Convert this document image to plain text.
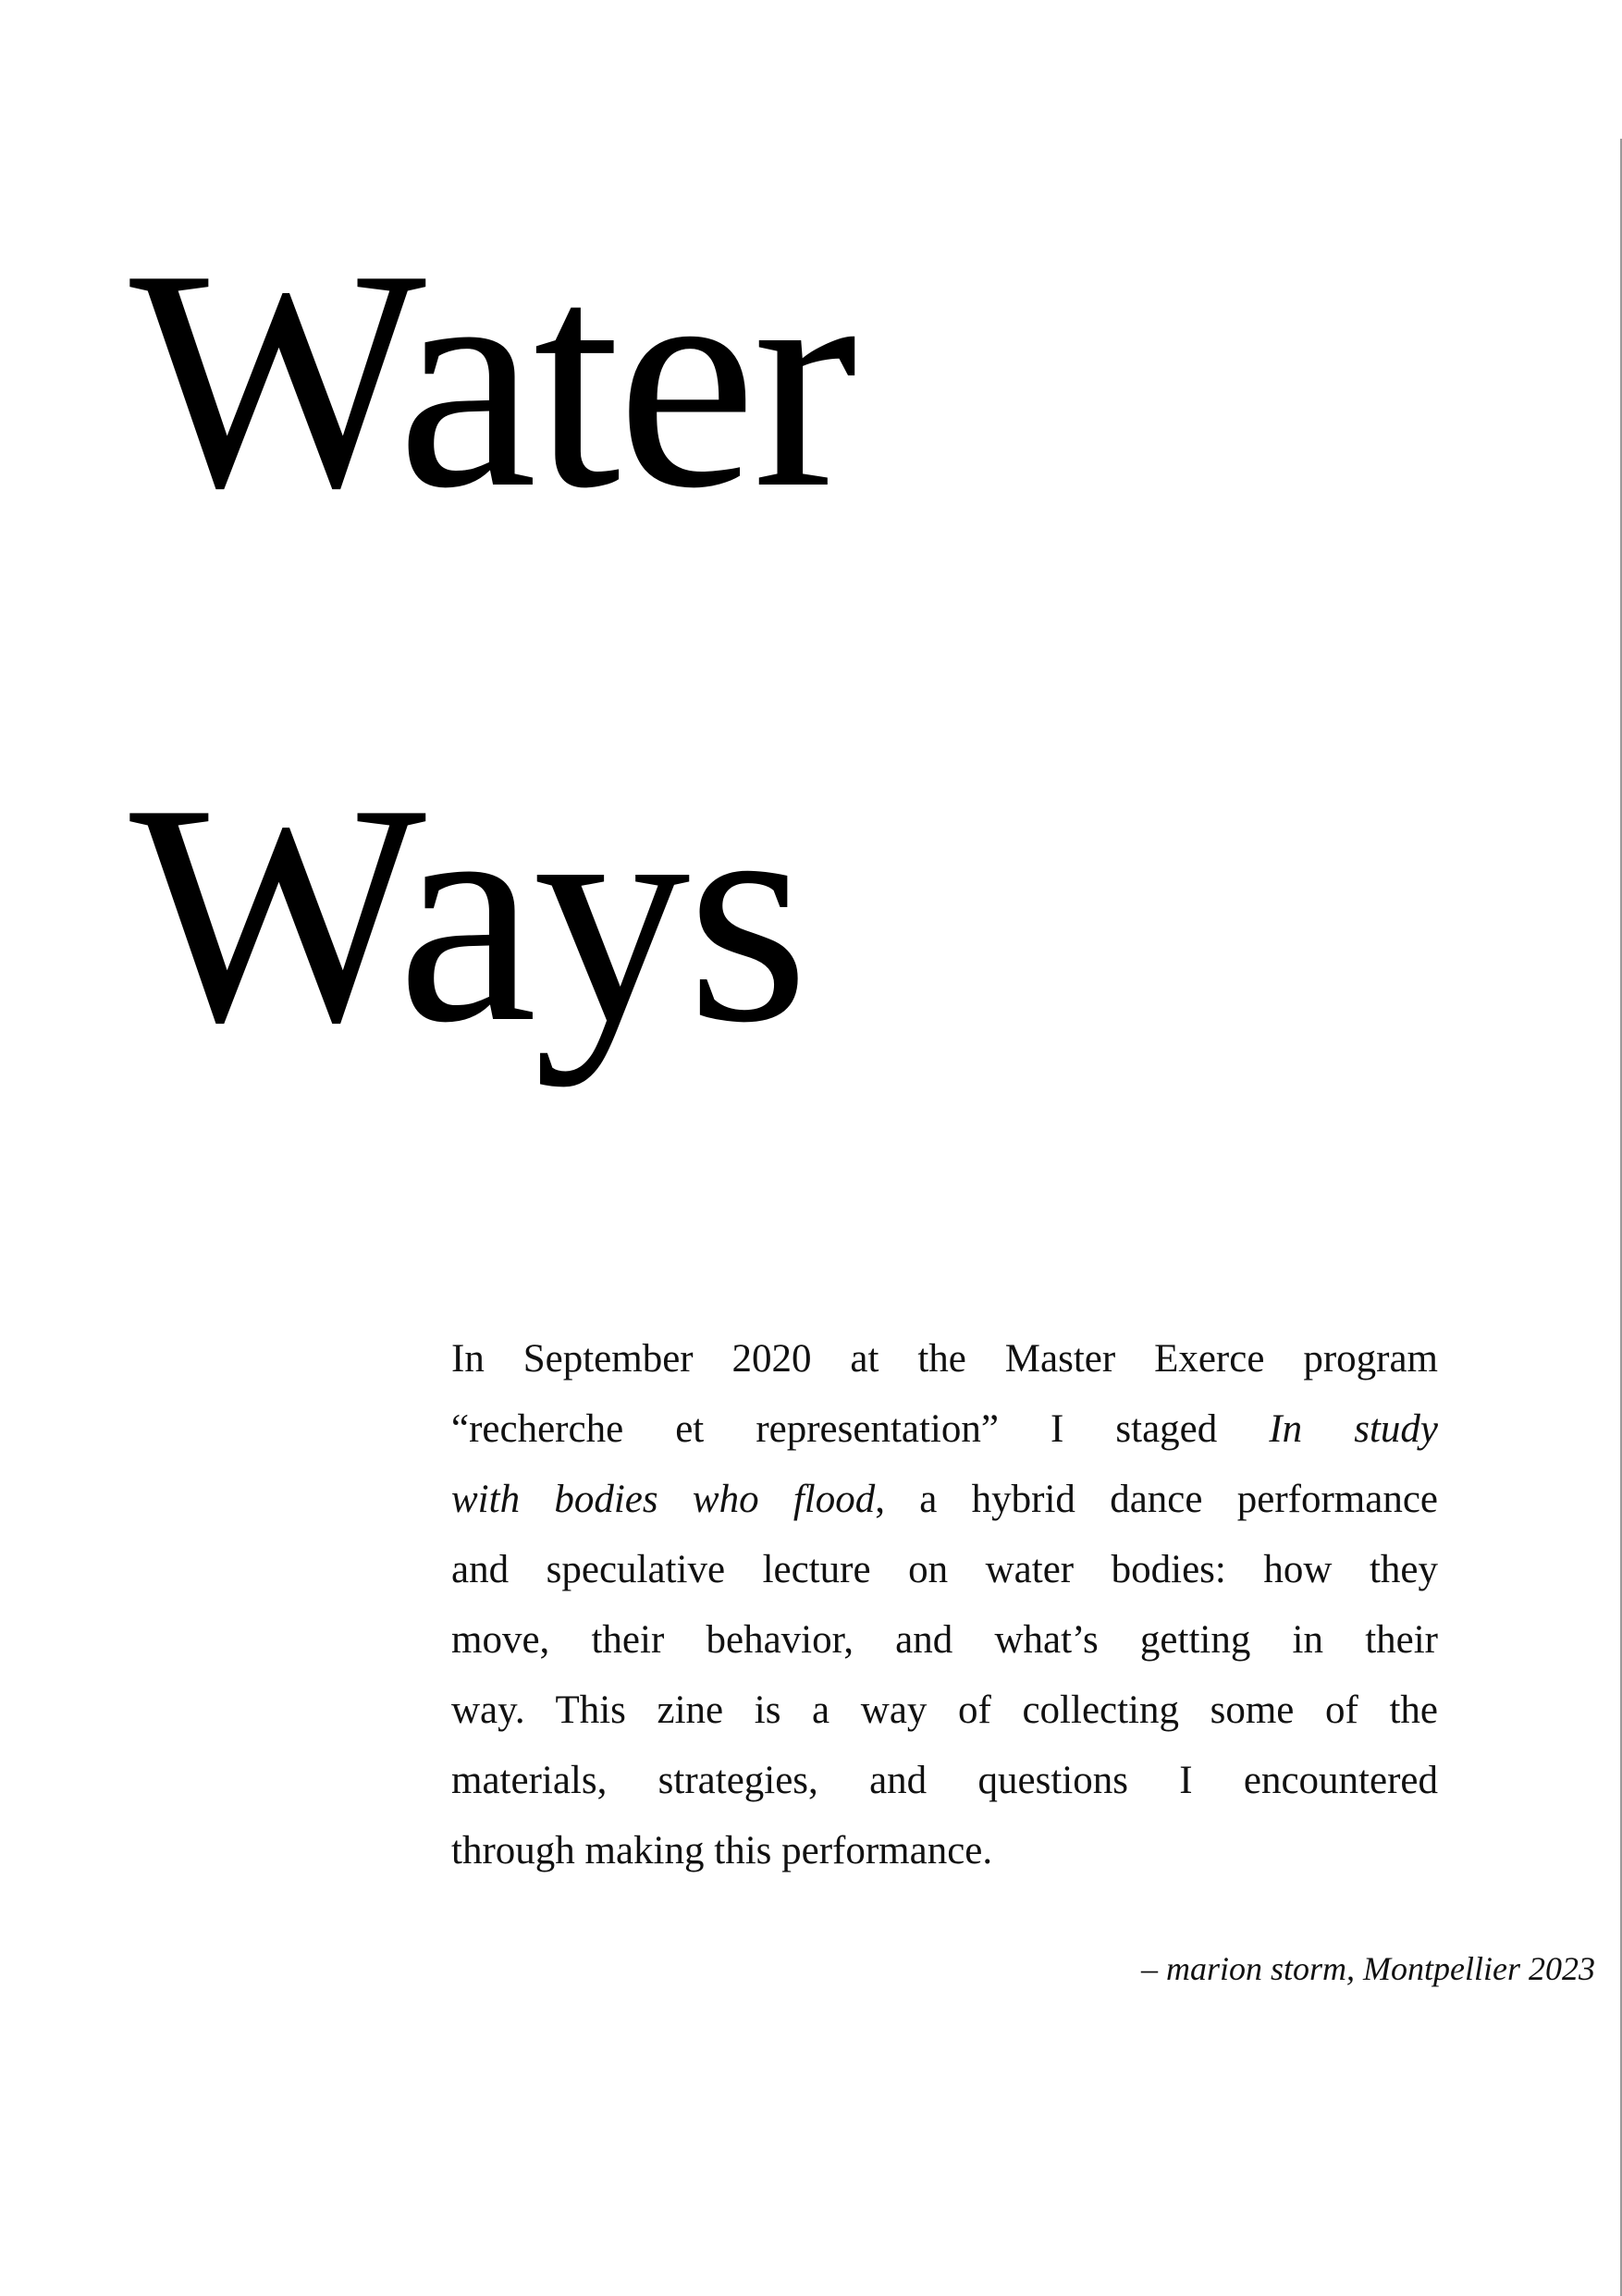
Water
Ways
In September 2020 at the Master Exerce program
“recherche et representation” I staged In study
with bodies who flood, a hybrid dance performance
and speculative lecture on water bodies: how they
move, their behavior, and what’s getting in their
way. This zine is a way of collecting some of the
materials, strategies, and questions I encountered
through making this performance.
– marion storm, Montpellier 2023
